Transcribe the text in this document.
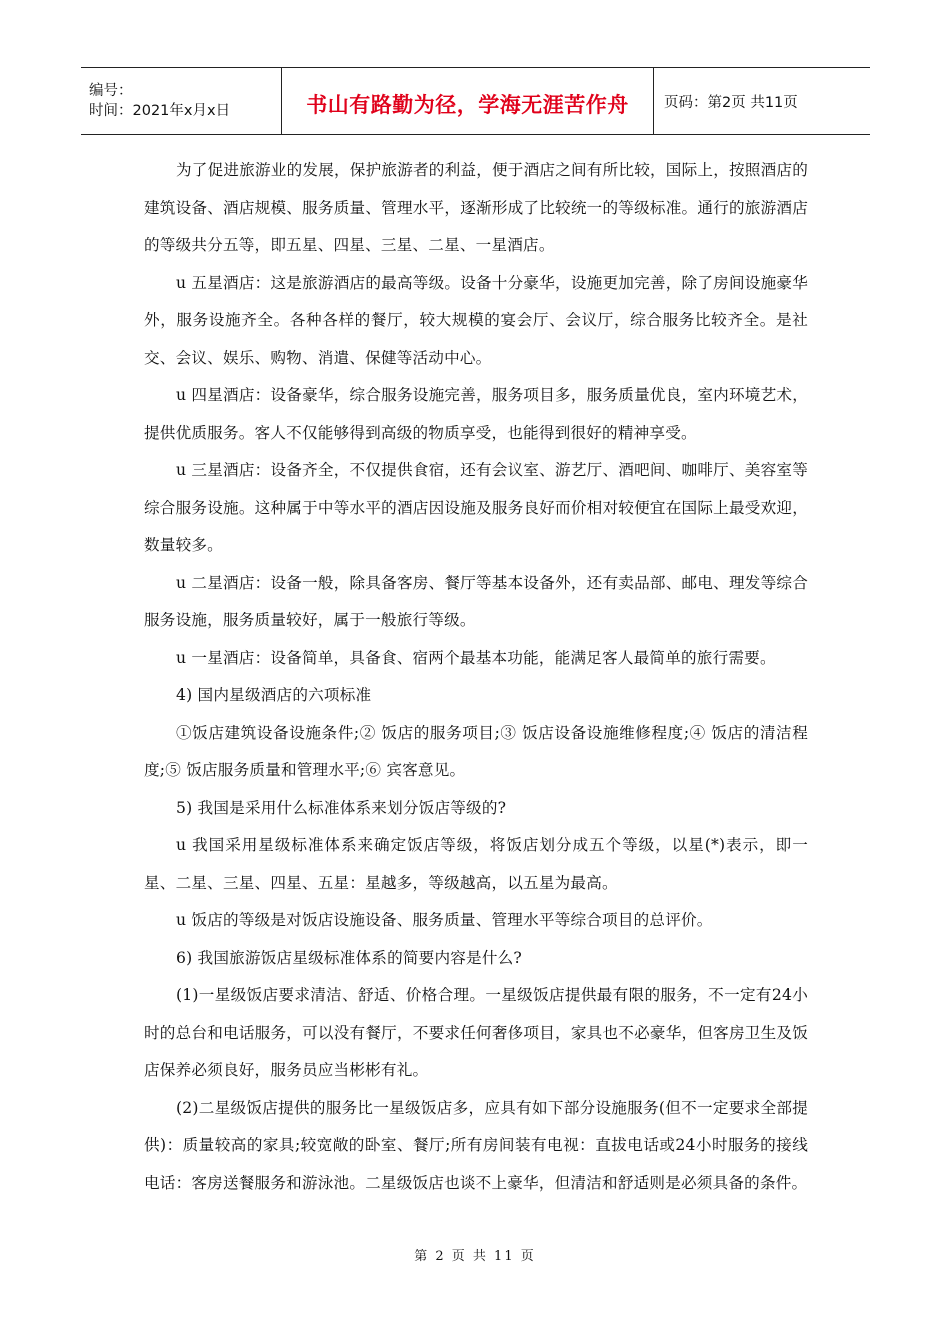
编号：
时间：2021年x月x日	书山有路勤为径，学海无涯苦作舟 页码：第2页 共11页

为了促进旅游业的发展，保护旅游者的利益，便于酒店之间有所比较，国际上，按照酒店的建筑设备、酒店规模、服务质量、管理水平，逐渐形成了比较统一的等级标准。通行的旅游酒店的等级共分五等，即五星、四星、三星、二星、一星酒店。

u 五星酒店：这是旅游酒店的最高等级。设备十分豪华，设施更加完善，除了房间设施豪华外，服务设施齐全。各种各样的餐厅，较大规模的宴会厅、会议厅，综合服务比较齐全。是社交、会议、娱乐、购物、消遣、保健等活动中心。

u 四星酒店：设备豪华，综合服务设施完善，服务项目多，服务质量优良，室内环境艺术，提供优质服务。客人不仅能够得到高级的物质享受，也能得到很好的精神享受。

u 三星酒店：设备齐全，不仅提供食宿，还有会议室、游艺厅、酒吧间、咖啡厅、美容室等综合服务设施。这种属于中等水平的酒店因设施及服务良好而价相对较便宜在国际上最受欢迎，数量较多。

u 二星酒店：设备一般，除具备客房、餐厅等基本设备外，还有卖品部、邮电、理发等综合服务设施，服务质量较好，属于一般旅行等级。

u 一星酒店：设备简单，具备食、宿两个最基本功能，能满足客人最简单的旅行需要。

4) 国内星级酒店的六项标准

①饭店建筑设备设施条件;② 饭店的服务项目;③ 饭店设备设施维修程度;④ 饭店的清洁程度;⑤ 饭店服务质量和管理水平;⑥ 宾客意见。

5) 我国是采用什么标准体系来划分饭店等级的?

u 我国采用星级标准体系来确定饭店等级，将饭店划分成五个等级，以星(*)表示，即一星、二星、三星、四星、五星：星越多，等级越高，以五星为最高。

u 饭店的等级是对饭店设施设备、服务质量、管理水平等综合项目的总评价。

6) 我国旅游饭店星级标准体系的简要内容是什么?

(1)一星级饭店要求清洁、舒适、价格合理。一星级饭店提供最有限的服务，不一定有24小时的总台和电话服务，可以没有餐厅，不要求任何奢侈项目，家具也不必豪华，但客房卫生及饭店保养必须良好，服务员应当彬彬有礼。

(2)二星级饭店提供的服务比一星级饭店多，应具有如下部分设施服务(但不一定要求全部提供)：质量较高的家具;较宽敞的卧室、餐厅;所有房间装有电视：直拔电话或24小时服务的接线电话：客房送餐服务和游泳池。二星级饭店也谈不上豪华，但清洁和舒适则是必须具备的条件。

第 2 页 共 11 页
